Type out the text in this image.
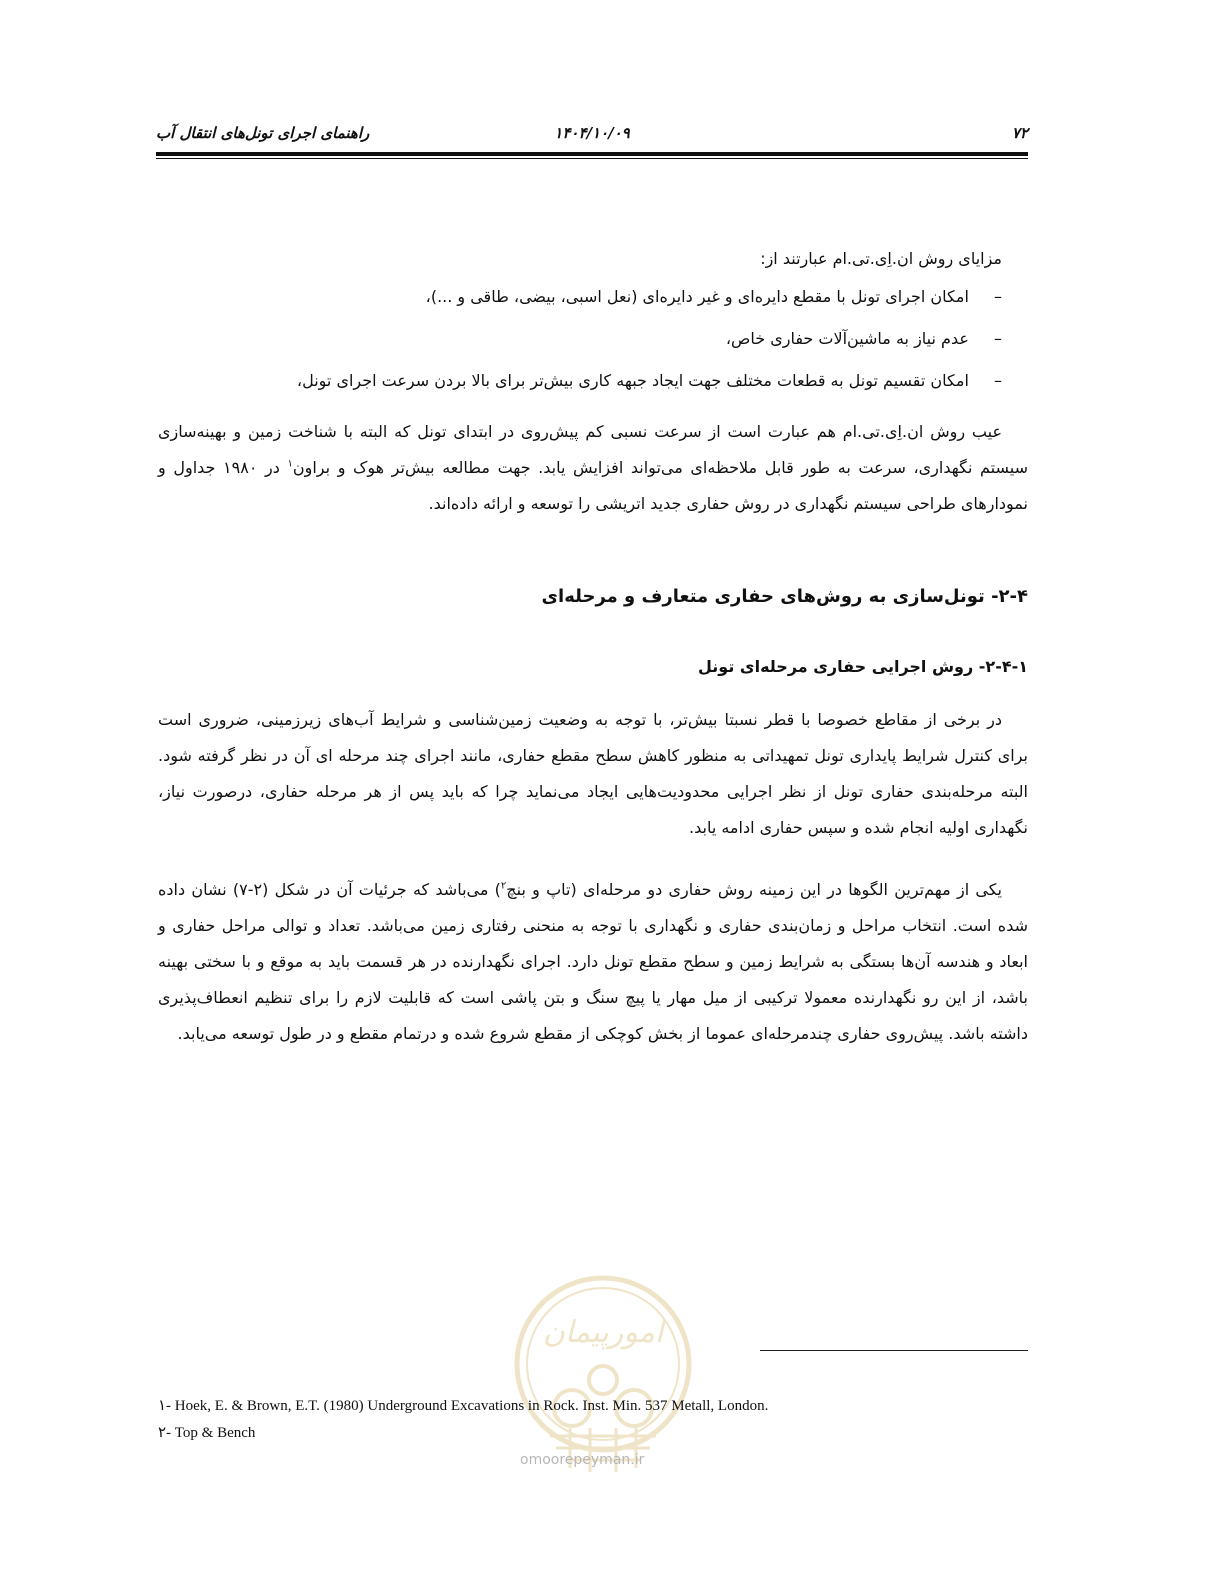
۷۲
۱۴۰۴/۱۰/۰۹
راهنمای اجرای تونل‌های انتقال آب

مزایای روش ان.اِی.تی.ام عبارتند از:

– امکان اجرای تونل با مقطع دایره‌ای و غیر دایره‌ای (نعل اسبی، بیضی، طاقی و ...)،
– عدم نیاز به ماشین‌آلات حفاری خاص،
– امکان تقسیم تونل به قطعات مختلف جهت ایجاد جبهه کاری بیش‌تر برای بالا بردن سرعت اجرای تونل،

عیب روش ان.اِی.تی.ام هم عبارت است از سرعت نسبی کم پیش‌روی در ابتدای تونل که البته با شناخت زمین و بهینه‌سازی سیستم نگهداری، سرعت به طور قابل ملاحظه‌ای می‌تواند افزایش یابد. جهت مطالعه بیش‌تر هوک و براون$^۱$ در ۱۹۸۰ جداول و نمودارهای طراحی سیستم نگهداری در روش حفاری جدید اتریشی را توسعه و ارائه داده‌اند.

۲-۴- تونل‌سازی به روش‌های حفاری متعارف و مرحله‌ای
۲-۴-۱- روش اجرایی حفاری مرحله‌ای تونل

در برخی از مقاطع خصوصا با قطر نسبتا بیش‌تر، با توجه به وضعیت زمین‌شناسی و شرایط آب‌های زیرزمینی، ضروری است برای کنترل شرایط پایداری تونل تمهیداتی به منظور کاهش سطح مقطع حفاری، مانند اجرای چند مرحله ای آن در نظر گرفته شود. البته مرحله‌بندی حفاری تونل از نظر اجرایی محدودیت‌هایی ایجاد می‌نماید چرا که باید پس از هر مرحله حفاری، درصورت نیاز، نگهداری اولیه انجام شده و سپس حفاری ادامه یابد.

یکی از مهم‌ترین الگوها در این زمینه روش حفاری دو مرحله‌ای (تاپ و بنچ$^۲$) می‌باشد که جرئیات آن در شکل (۲-۷) نشان داده شده است. انتخاب مراحل و زمان‌بندی حفاری و نگهداری با توجه به منحنی رفتاری زمین می‌باشد. تعداد و توالی مراحل حفاری و ابعاد و هندسه آن‌ها بستگی به شرایط زمین و سطح مقطع تونل دارد. اجرای نگهدارنده در هر قسمت باید به موقع و با سختی بهینه باشد، از این رو نگهدارنده معمولا ترکیبی از میل مهار یا پیچ سنگ و بتن پاشی است که قابلیت لازم را برای تنظیم انعطاف‌پذیری داشته باشد. پیش‌روی حفاری چندمرحله‌ای عموما از بخش کوچکی از مقطع شروع شده و درتمام مقطع و در طول توسعه می‌یابد.

امورپیمان
omoorepeyman.ir
۱- Hoek, E. & Brown, E.T. (1980) Underground Excavations in Rock. Inst. Min. 537 Metall, London.
۲- Top & Bench
